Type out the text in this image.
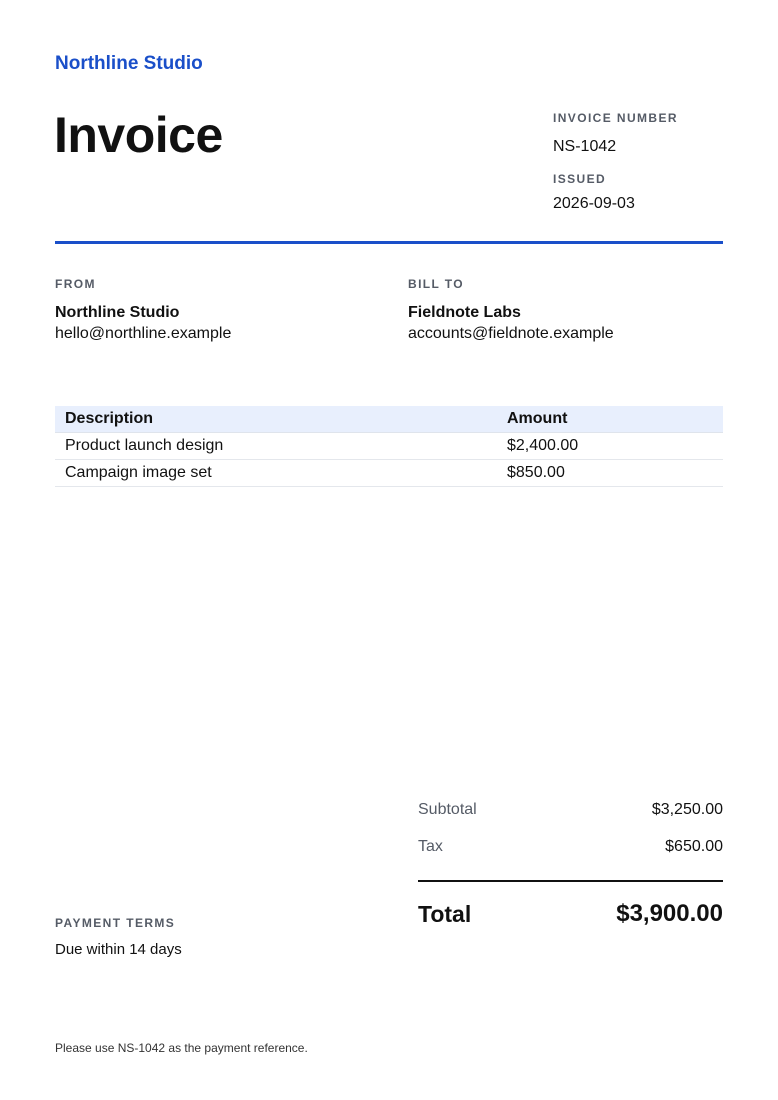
Northline Studio
Invoice	INVOICE NUMBER
NS-1042
ISSUED
2026-09-03
FROM
Northline Studio
hello@northline.example
BILL TO
Fieldnote Labs
accounts@fieldnote.example
Description	Amount
Product launch design	$2,400.00
Campaign image set	$850.00
Subtotal	$3,250.00
Tax	$650.00
Total	$3,900.00
PAYMENT TERMS
Due within 14 days
Please use NS-1042 as the payment reference.
